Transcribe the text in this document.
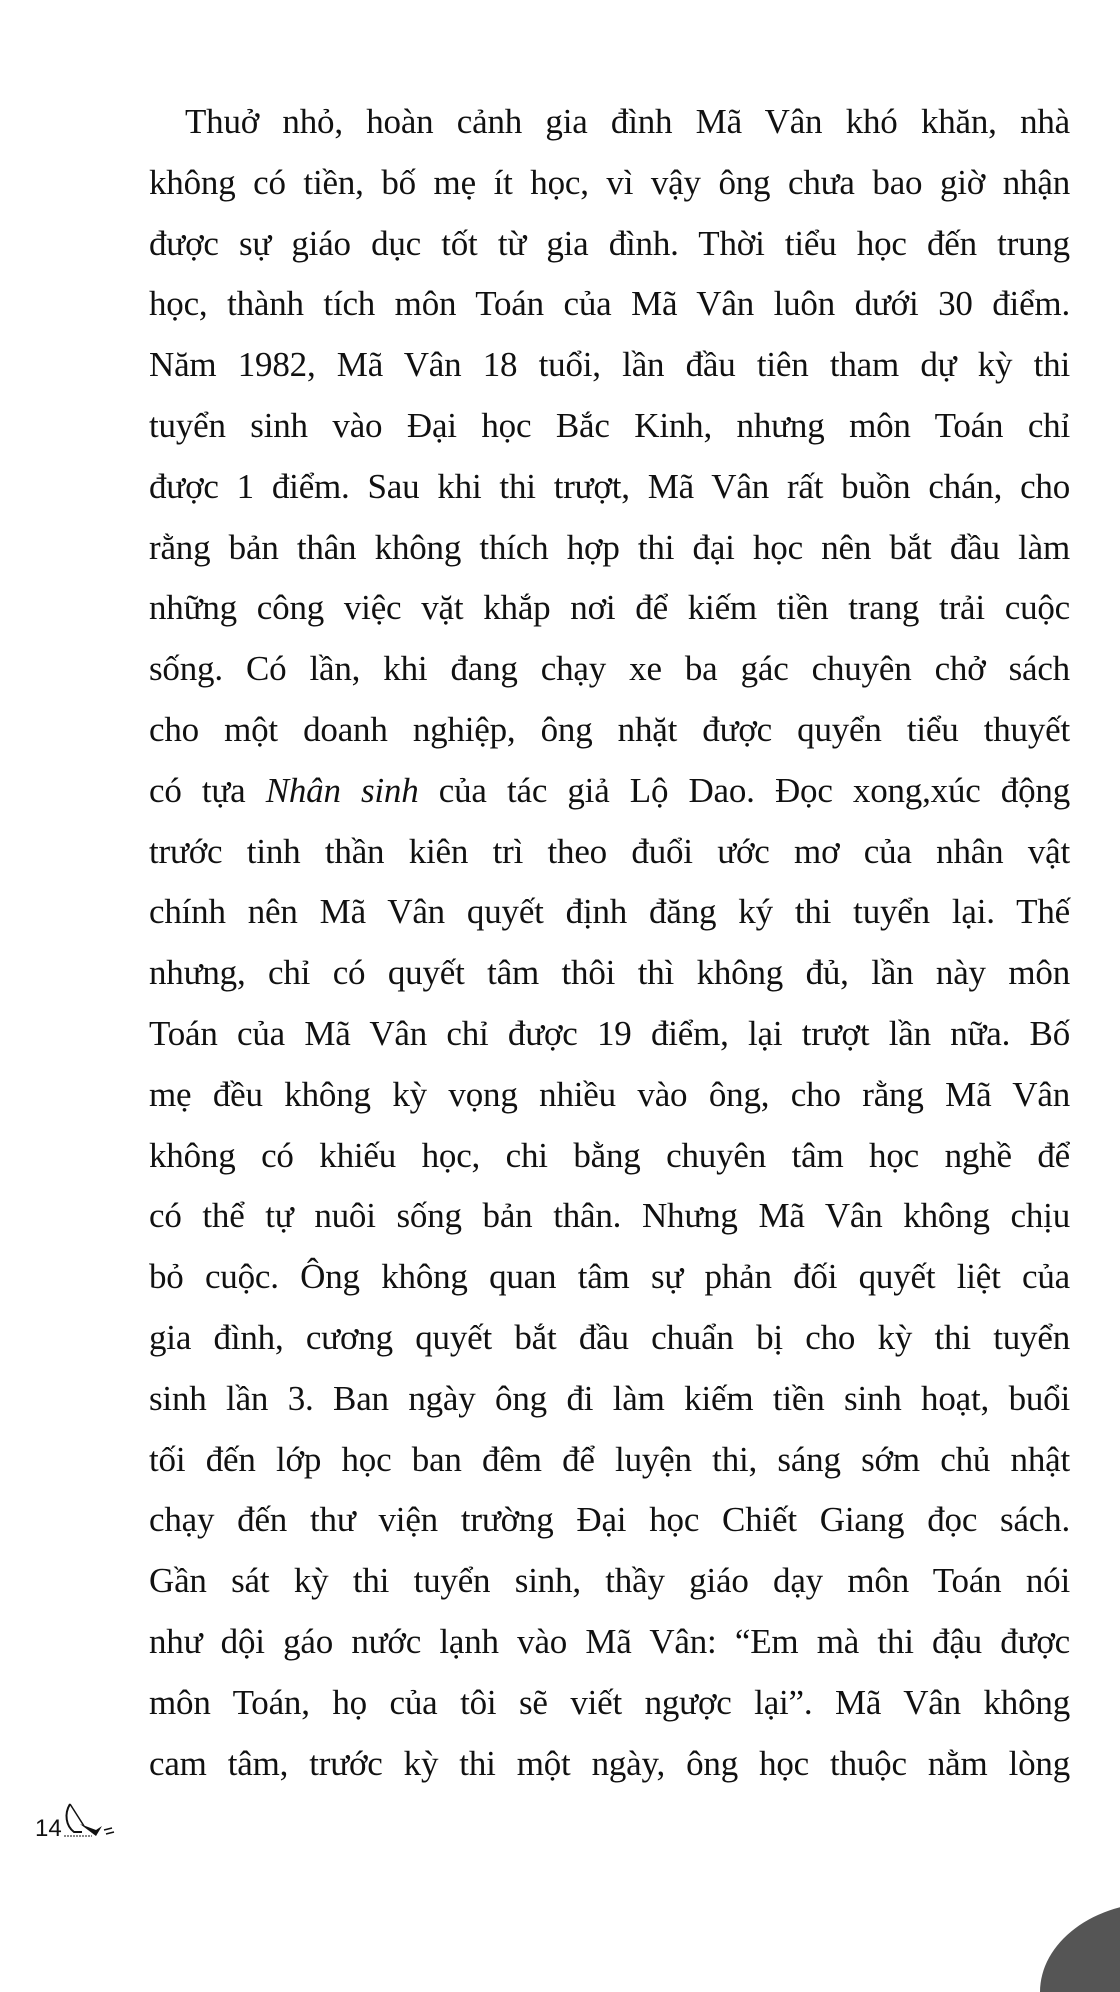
Thuở nhỏ, hoàn cảnh gia đình Mã Vân khó khăn, nhà
không có tiền, bố mẹ ít học, vì vậy ông chưa bao giờ nhận
được sự giáo dục tốt từ gia đình. Thời tiểu học đến trung
học, thành tích môn Toán của Mã Vân luôn dưới 30 điểm.
Năm 1982, Mã Vân 18 tuổi, lần đầu tiên tham dự kỳ thi
tuyển sinh vào Đại học Bắc Kinh, nhưng môn Toán chỉ
được 1 điểm. Sau khi thi trượt, Mã Vân rất buồn chán, cho
rằng bản thân không thích hợp thi đại học nên bắt đầu làm
những công việc vặt khắp nơi để kiếm tiền trang trải cuộc
sống. Có lần, khi đang chạy xe ba gác chuyên chở sách
cho một doanh nghiệp, ông nhặt được quyển tiểu thuyết
có tựa Nhân sinh của tác giả Lộ Dao. Đọc xong,xúc động
trước tinh thần kiên trì theo đuổi ước mơ của nhân vật
chính nên Mã Vân quyết định đăng ký thi tuyển lại. Thế
nhưng, chỉ có quyết tâm thôi thì không đủ, lần này môn
Toán của Mã Vân chỉ được 19 điểm, lại trượt lần nữa. Bố
mẹ đều không kỳ vọng nhiều vào ông, cho rằng Mã Vân
không có khiếu học, chi bằng chuyên tâm học nghề để
có thể tự nuôi sống bản thân. Nhưng Mã Vân không chịu
bỏ cuộc. Ông không quan tâm sự phản đối quyết liệt của
gia đình, cương quyết bắt đầu chuẩn bị cho kỳ thi tuyển
sinh lần 3. Ban ngày ông đi làm kiếm tiền sinh hoạt, buổi
tối đến lớp học ban đêm để luyện thi, sáng sớm chủ nhật
chạy đến thư viện trường Đại học Chiết Giang đọc sách.
Gần sát kỳ thi tuyển sinh, thầy giáo dạy môn Toán nói
như dội gáo nước lạnh vào Mã Vân: “Em mà thi đậu được
môn Toán, họ của tôi sẽ viết ngược lại”. Mã Vân không
cam tâm, trước kỳ thi một ngày, ông học thuộc nằm lòng
14
